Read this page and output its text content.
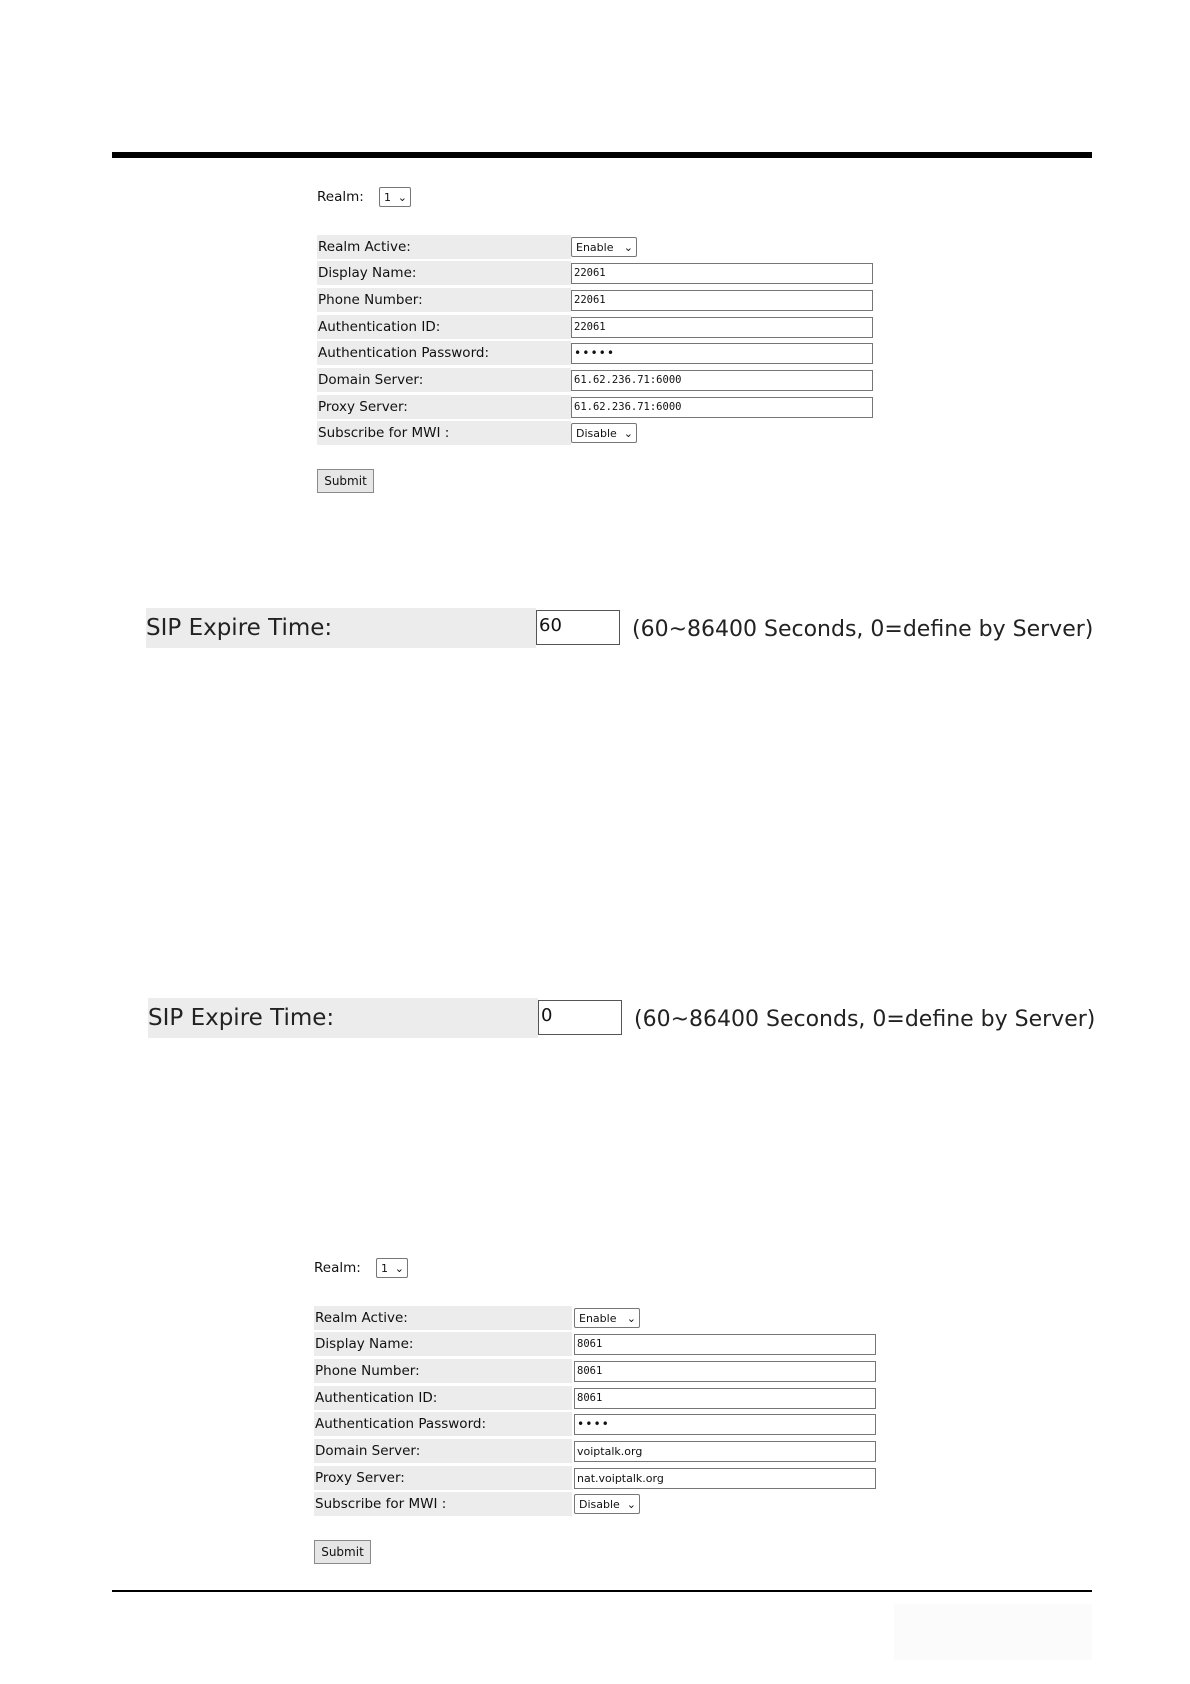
Realm:	1 ⌄
Realm Active:	Enable ⌄
Display Name:	22061
Phone Number:	22061
Authentication ID:	22061
Authentication Password:	•••••
Domain Server:	61.62.236.71:6000
Proxy Server:	61.62.236.71:6000
Subscribe for MWI :	Disable ⌄
Submit
SIP Expire Time:	60	(60~86400 Seconds, 0=define by Server)
SIP Expire Time:	0	(60~86400 Seconds, 0=define by Server)
Realm:	1 ⌄
Realm Active:	Enable ⌄
Display Name:	8061
Phone Number:	8061
Authentication ID:	8061
Authentication Password:	••••
Domain Server:	voiptalk.org
Proxy Server:	nat.voiptalk.org
Subscribe for MWI :	Disable ⌄
Submit
